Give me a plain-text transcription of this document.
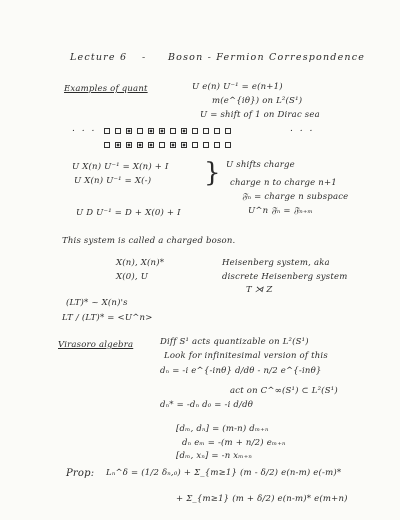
Lecture 6 - Boson - Fermion Correspondence
Examples of quant	U e(n) U⁻¹ = e(n+1)
m(e^{iθ}) on L²(S¹)
U = shift of 1 on Dirac sea
. . .	. . .
U X(n) U⁻¹ = X(n) + I
U X(n) U⁻¹ = X(-) } U shifts charge
charge n to charge n+1
𝔉ₙ = charge n subspace
U^n 𝔉ₙ = 𝔉ₙ₊ₘ
U D U⁻¹ = D + X(0) + I
This system is called a charged boson.
X(n), X(n)*	Heisenberg system, aka
X(0), U	discrete Heisenberg system
T ⋊ Z
(LT)* ~ X(n)'s
LT / (LT)* = <U^n>
Virasoro algebra	Diff S¹ acts quantizable on L²(S¹)
Look for infinitesimal version of this
dₙ = -i e^{-inθ} d/dθ - n/2 e^{-inθ}
act on C^∞(S¹) ⊂ L²(S¹)
dₙ* = -dₙ d₀ = -i d/dθ
[dₘ, dₙ] = (m-n) dₘ₊ₙ
dₙ eₘ = -(m + n/2) eₘ₊ₙ
[dₘ, xₙ] = -n xₘ₊ₙ
Prop: Lₙ^δ = (1/2 δₙ,₀) + Σ_{m≥1} (m - δ/2) e(n-m) e(-m)*
+ Σ_{m≥1} (m + δ/2) e(n-m)* e(m+n)
